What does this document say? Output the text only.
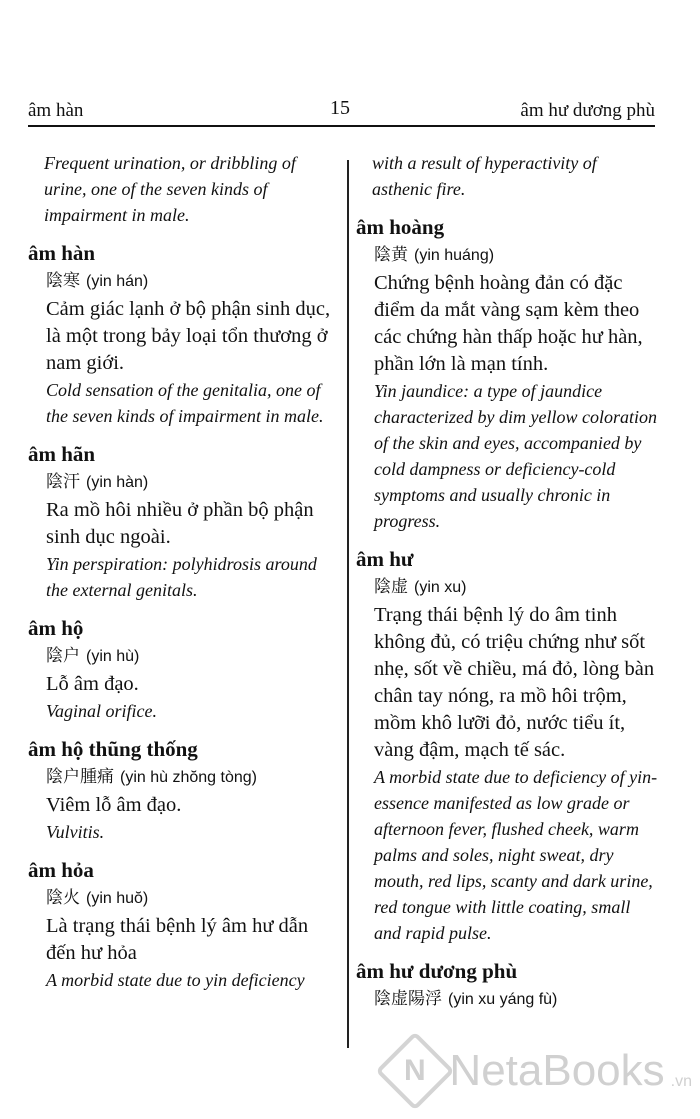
âm hàn	15	âm hư dương phù
Frequent urination, or dribbling of urine, one of the seven kinds of impairment in male.
âm hàn
陰寒 (yin hán)
Cảm giác lạnh ở bộ phận sinh dục, là một trong bảy loại tổn thương ở nam giới.
Cold sensation of the genitalia, one of the seven kinds of impairment in male.
âm hãn
陰汗 (yin hàn)
Ra mồ hôi nhiều ở phần bộ phận sinh dục ngoài.
Yin perspiration: polyhidrosis around the external genitals.
âm hộ
陰户 (yin hù)
Lỗ âm đạo.
Vaginal orifice.
âm hộ thũng thống
陰户腫痛 (yin hù zhŏng tòng)
Viêm lỗ âm đạo.
Vulvitis.
âm hỏa
陰火 (yin huŏ)
Là trạng thái bệnh lý âm hư dẫn đến hư hỏa
A morbid state due to yin deficiency
with a result of hyperactivity of asthenic fire.
âm hoàng
陰黄 (yin huáng)
Chứng bệnh hoàng đản có đặc điểm da mắt vàng sạm kèm theo các chứng hàn thấp hoặc hư hàn, phần lớn là mạn tính.
Yin jaundice: a type of jaundice characterized by dim yellow coloration of the skin and eyes, accompanied by cold dampness or deficiency-cold symptoms and usually chronic in progress.
âm hư
陰虚 (yin xu)
Trạng thái bệnh lý do âm tinh không đủ, có triệu chứng như sốt nhẹ, sốt về chiều, má đỏ, lòng bàn chân tay nóng, ra mồ hôi trộm, mồm khô lưỡi đỏ, nước tiểu ít, vàng đậm, mạch tế sác.
A morbid state due to deficiency of yin-essence manifested as low grade or afternoon fever, flushed cheek, warm palms and soles, night sweat, dry mouth, red lips, scanty and dark urine, red tongue with little coating, small and rapid pulse.
âm hư dương phù
陰虚陽浮 (yin xu yáng fù)
N NetaBooks .vn
